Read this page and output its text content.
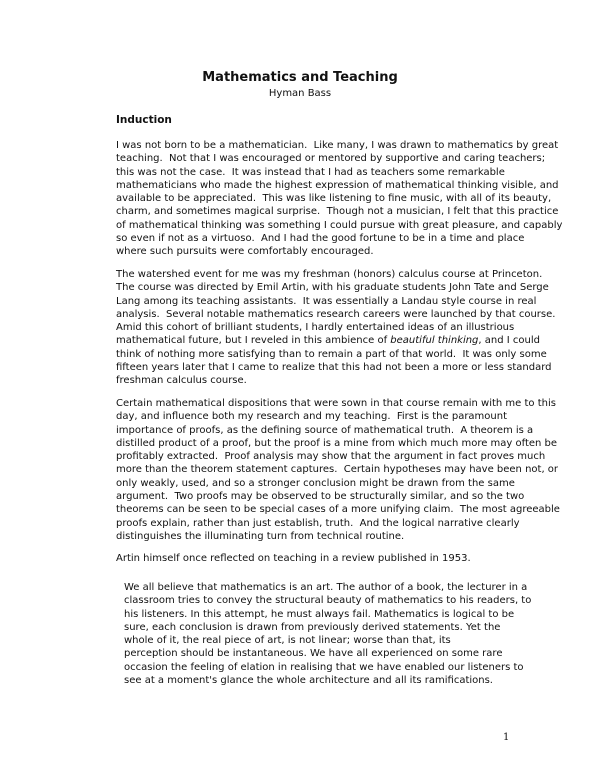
Mathematics and Teaching
Hyman Bass
Induction
I was not born to be a mathematician.  Like many, I was drawn to mathematics by great
teaching.  Not that I was encouraged or mentored by supportive and caring teachers;
this was not the case.  It was instead that I had as teachers some remarkable
mathematicians who made the highest expression of mathematical thinking visible, and
available to be appreciated.  This was like listening to fine music, with all of its beauty,
charm, and sometimes magical surprise.  Though not a musician, I felt that this practice
of mathematical thinking was something I could pursue with great pleasure, and capably
so even if not as a virtuoso.  And I had the good fortune to be in a time and place
where such pursuits were comfortably encouraged.
The watershed event for me was my freshman (honors) calculus course at Princeton.
The course was directed by Emil Artin, with his graduate students John Tate and Serge
Lang among its teaching assistants.  It was essentially a Landau style course in real
analysis.  Several notable mathematics research careers were launched by that course.
Amid this cohort of brilliant students, I hardly entertained ideas of an illustrious
mathematical future, but I reveled in this ambience of beautiful thinking, and I could
think of nothing more satisfying than to remain a part of that world.  It was only some
fifteen years later that I came to realize that this had not been a more or less standard
freshman calculus course.
Certain mathematical dispositions that were sown in that course remain with me to this
day, and influence both my research and my teaching.  First is the paramount
importance of proofs, as the defining source of mathematical truth.  A theorem is a
distilled product of a proof, but the proof is a mine from which much more may often be
profitably extracted.  Proof analysis may show that the argument in fact proves much
more than the theorem statement captures.  Certain hypotheses may have been not, or
only weakly, used, and so a stronger conclusion might be drawn from the same
argument.  Two proofs may be observed to be structurally similar, and so the two
theorems can be seen to be special cases of a more unifying claim.  The most agreeable
proofs explain, rather than just establish, truth.  And the logical narrative clearly
distinguishes the illuminating turn from technical routine.
Artin himself once reflected on teaching in a review published in 1953.
We all believe that mathematics is an art. The author of a book, the lecturer in a
classroom tries to convey the structural beauty of mathematics to his readers, to
his listeners. In this attempt, he must always fail. Mathematics is logical to be
sure, each conclusion is drawn from previously derived statements. Yet the
whole of it, the real piece of art, is not linear; worse than that, its
perception should be instantaneous. We have all experienced on some rare
occasion the feeling of elation in realising that we have enabled our listeners to
see at a moment's glance the whole architecture and all its ramifications.
1
